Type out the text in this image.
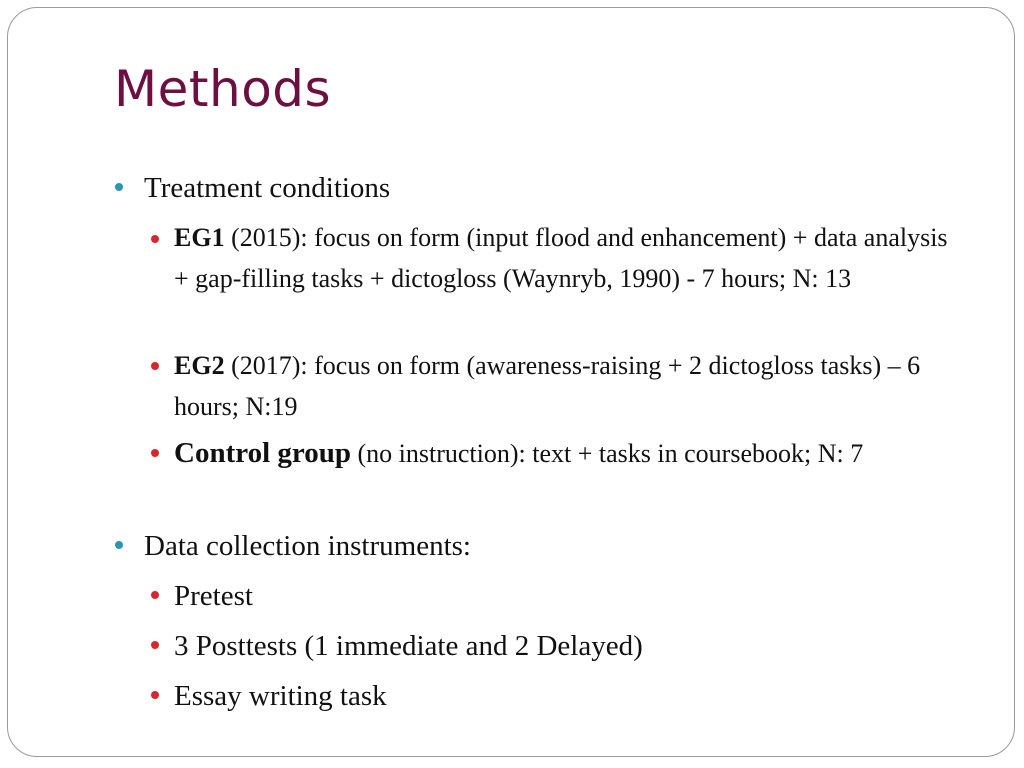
Methods
Treatment conditions
EG1 (2015): focus on form (input flood and enhancement) + data analysis + gap-filling tasks + dictogloss (Waynryb, 1990) - 7 hours; N: 13
EG2 (2017): focus on form (awareness-raising + 2 dictogloss tasks) – 6 hours; N:19
Control group (no instruction): text + tasks in coursebook; N: 7
Data collection instruments:
Pretest
3 Posttests (1 immediate and 2 Delayed)
Essay writing task
